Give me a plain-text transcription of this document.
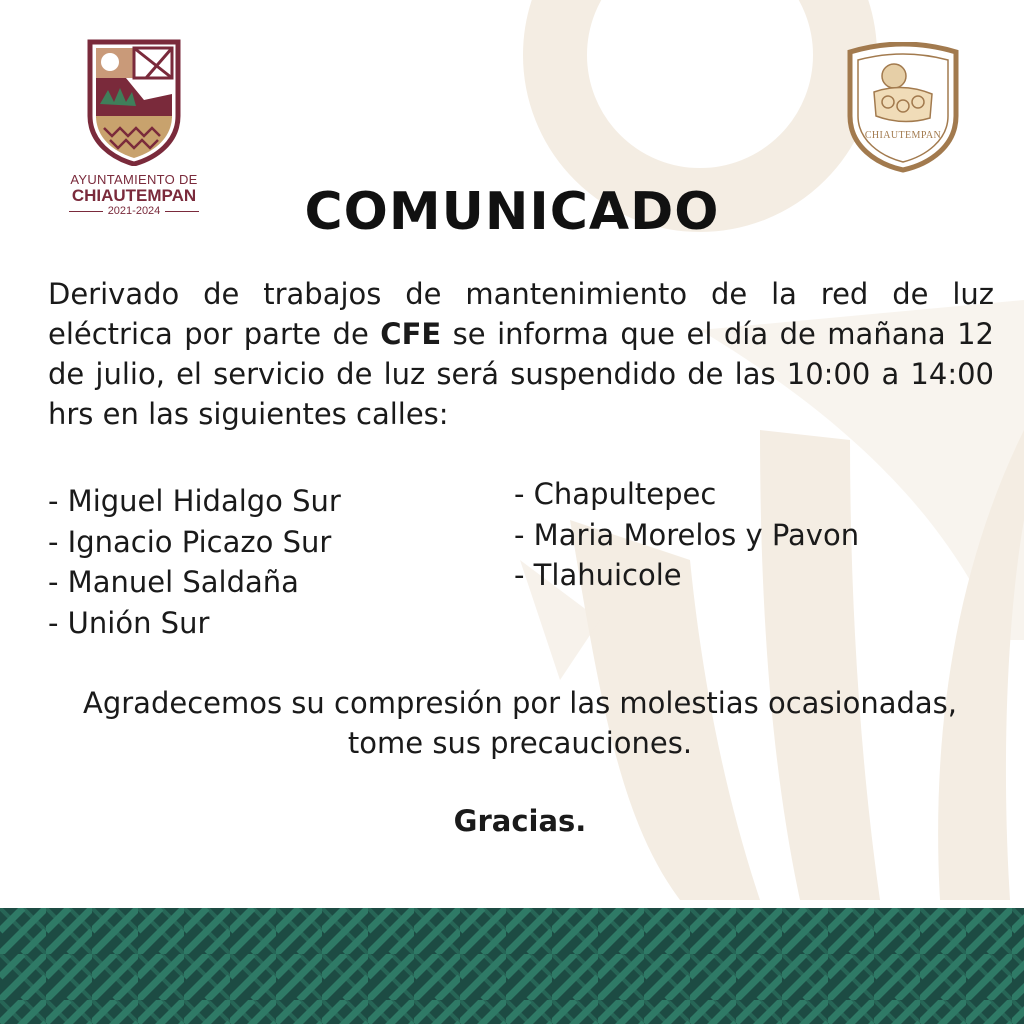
AYUNTAMIENTO DE
CHIAUTEMPAN
2021-2024
CHIAUTEMPAN
COMUNICADO

Derivado de trabajos de mantenimiento de la red de luz eléctrica por parte de CFE se informa que el día de mañana 12 de julio, el servicio de luz será suspendido de las 10:00 a 14:00 hrs en las siguientes calles:

- Miguel Hidalgo Sur
- Ignacio Picazo Sur
- Manuel Saldaña
- Unión Sur
- Chapultepec
- Maria Morelos y Pavon
- Tlahuicole

Agradecemos su compresión por las molestias ocasionadas, tome sus precauciones.

Gracias.
